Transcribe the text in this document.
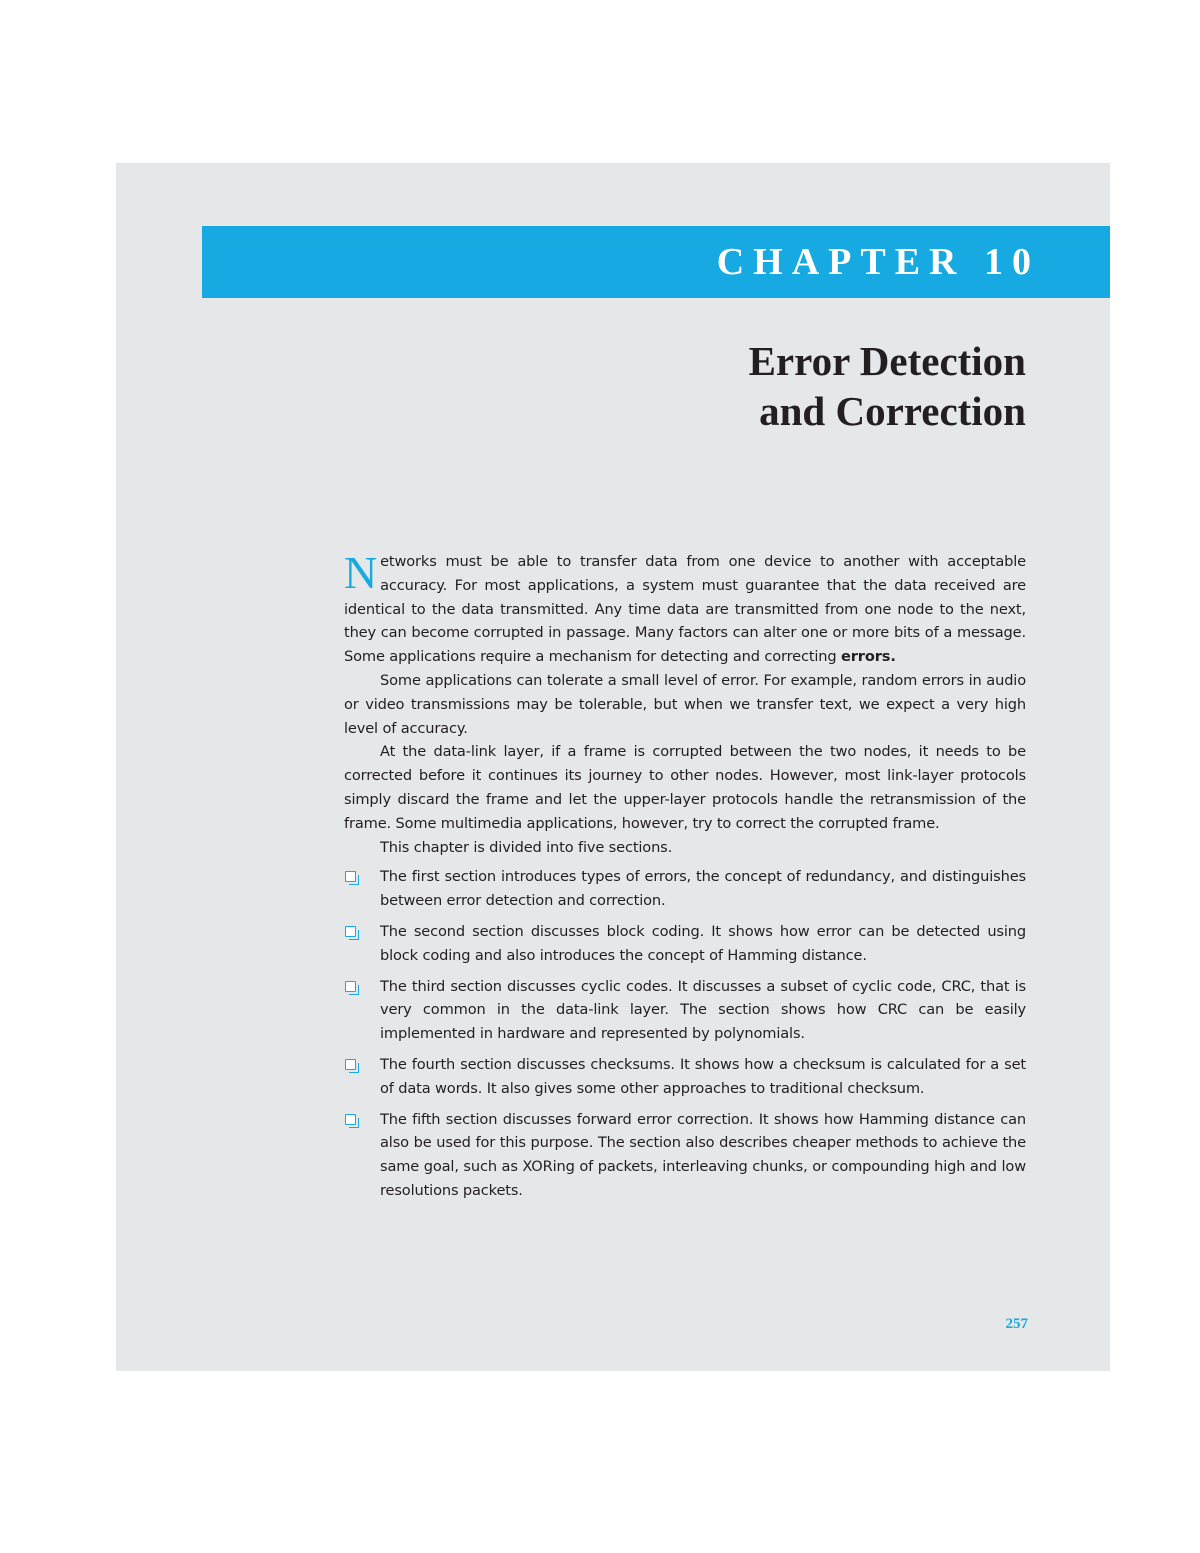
CHAPTER 10
Error Detection
and Correction

Networks must be able to transfer data from one device to another with acceptable accuracy. For most applications, a system must guarantee that the data received are identical to the data transmitted. Any time data are transmitted from one node to the next, they can become corrupted in passage. Many factors can alter one or more bits of a message. Some applications require a mechanism for detecting and correcting errors.

Some applications can tolerate a small level of error. For example, random errors in audio or video transmissions may be tolerable, but when we transfer text, we expect a very high level of accuracy.

At the data-link layer, if a frame is corrupted between the two nodes, it needs to be corrected before it continues its journey to other nodes. However, most link-layer protocols simply discard the frame and let the upper-layer protocols handle the retransmission of the frame. Some multimedia applications, however, try to correct the corrupted frame.

This chapter is divided into five sections.

The first section introduces types of errors, the concept of redundancy, and distinguishes between error detection and correction.
The second section discusses block coding. It shows how error can be detected using block coding and also introduces the concept of Hamming distance.
The third section discusses cyclic codes. It discusses a subset of cyclic code, CRC, that is very common in the data-link layer. The section shows how CRC can be easily implemented in hardware and represented by polynomials.
The fourth section discusses checksums. It shows how a checksum is calculated for a set of data words. It also gives some other approaches to traditional checksum.
The fifth section discusses forward error correction. It shows how Hamming distance can also be used for this purpose. The section also describes cheaper methods to achieve the same goal, such as XORing of packets, interleaving chunks, or compounding high and low resolutions packets.
257
